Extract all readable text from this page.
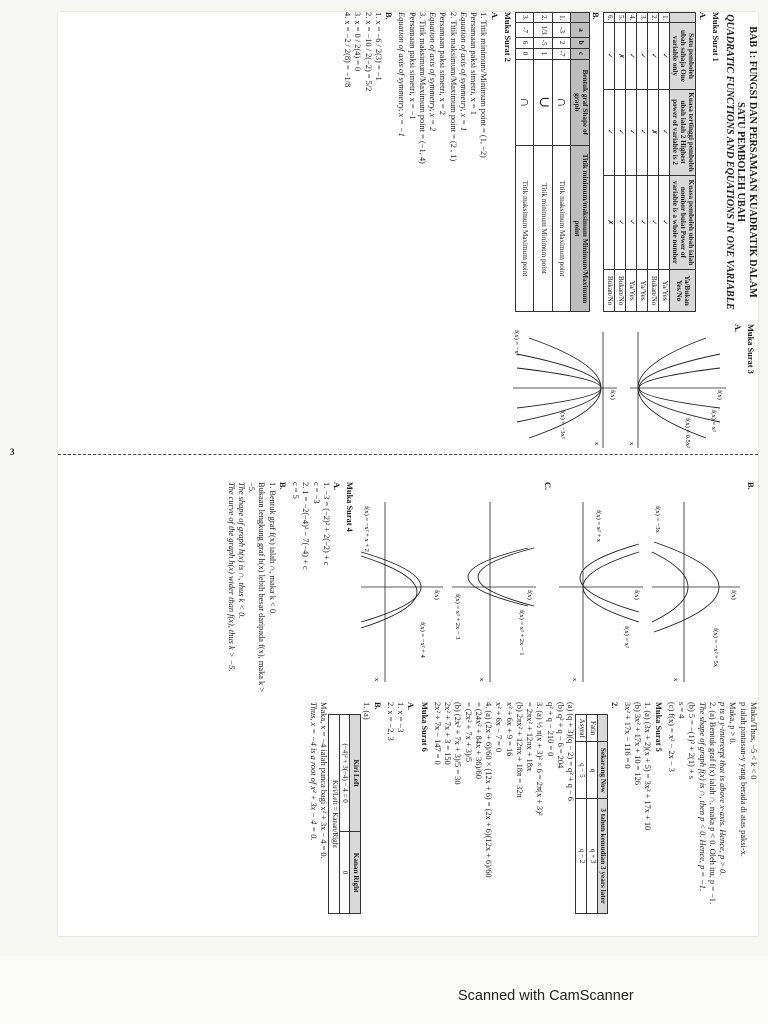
BAB 1: FUNGSI DAN PERSAMAAN KUADRATIK DALAM SATU PEMBOLEH UBAH
QUADRATIC FUNCTIONS AND EQUATIONS IN ONE VARIABLE
Muka Surat 1
A.
	Satu pemboleh ubah sahaja One variable only	Kuasa tertinggi pemboleh ubah ialah 2 Highest power of variable is 2	Kuasa pemboleh ubah ialah nombor bulat Power of variable is a whole number	Ya/Bukan Yes/No
1.	✓	✓	✓	Ya/Yes
2.	✓	✗	✓	Bukan/No
3.	✓	✓	✓	Ya/Yes
4.	✓	✓	✓	Ya/Yes
5.	✗	✓	✓	Bukan/No
6.	✓	✓	✗	Bukan/No
B.
	a	b	c	Bentuk graf Shape of graph	Titik minimum/maksimum Minimum/Maximum point
1.	-3	2	-7	∩	Titik maksimum Maximum point
2.	1/3	-5	1	∪	Titik minimum Minimum point
3.	-7	6	0	∩	Titik maksimum Maximum point
Muka Surat 2
A.
1. Titik minimum/Minimum point = (1, −2)
Persamaan paksi simetri, x = 1
Equation of axis of symmetry, x = 1
2. Titik maksimum/Maximum point = (2 , 1)
Persamaan paksi simetri, x = 2
Equation of axis of symmetry, x = 2
3. Titik maksimum/Maximum point = (−1, 4)
Persamaan paksi simetri, x = −1
Equation of axis of symmetry, x = −1
B.
1. x = −6 / 2(3) = −1
2. x = −10 / 2(−2) = 5/2
3. x = 0 / 2(4) = 0
4. x = −2 / 2(8) = −1/8
Muka Surat 3
A.
f(x)
f(x) = x²
f(x) = 0.5x²
x
f(x)
f(x) = −x²
f(x) = −3x²
x
B.
f(x)
f(x) = −3x
f(x) = −x² + 5x
x
f(x)
f(x) = x²
f(x) = x² + x
x
C.
f(x)
f(x) = x² + 2x − 1
f(x) = x² + 2x − 3
x
f(x)
f(x) = −x² + 4
f(x) = −x² + x + 2
x
Muka Surat 4
A.
1. −3 = (−2)² + 2(−2) + c
c = −3
2. 1 = −2(−4)² − 7(−4) + c
c = 5
B.
1. Bentuk graf f(x) ialah ∩, maka k < 0.
Bukaan lengkung graf h(x) lebih besar daripada f(x), maka k > −5.
The shape of graph h(x) is ∩, thus k < 0.
The curve of the graph h(x) wider than f(x), thus k > −5.
Maka/Thus, −5 < k < 0
p ialah pintasan-y yang berada di atas paksi-x.
Maka, p > 0.
p is a y-intercept that is above x-axis. Hence, p > 0.
2. (a) Bentuk graf f(x) ialah ∩, maka p < 0. Oleh itu, p = −1.
The shape of graph f(x) is ∩, then p < 0. Hence, p = −1.
(b) 5 = −(1)² + 2(1) + s
s = 4
(c) f(x) = x² − 2x − 3
Muka Surat 5
1. (a) (3x + 2)(x + 5) = 3x² + 17x + 10
(b) 3x² + 17x + 10 = 126
3x² + 17x − 116 = 0
2.
	Sekarang Now	3 tahun kemudian 3 years later
Fatin	q	q + 3
Asyraf	q − 5	q − 2
(a) (q + 3)(q − 2) = q² + q − 6
(b) q² + q − 6 = 204
q² + q − 210 = 0
3. (a) ½ π(x + 3)² × 6 = 2π(x + 3)²
= 2πx² + 12πx + 18π
(b) 2πx² + 12πx + 18π = 32π
x² + 6x + 9 = 16
x² + 6x − 7 = 0
4. (a) (2x + 6)/60 × (12x + 6) = (2x + 6)(12x + 6)/60
= (24x² + 84x + 36)/60
= (2x² + 7x + 3)/5
(b) (2x² + 7x + 3)/5 = 30
2x² + 7x + 3 = 150
2x² + 7x − 147 = 0
Muka Surat 6
A.
1. x = −3
2. x = −2, 3
B.
1. (a)
Kiri Left	Kanan Right
(−4)² + 3(−4) − 4 = 0	0
Kiri/Left = Kanan/Right	
Maka, x = −4 ialah punca bagi x² + 3x − 4 = 0.
Thus, x = −4 is a root of x² + 3x − 4 = 0.
3
Scanned with CamScanner
